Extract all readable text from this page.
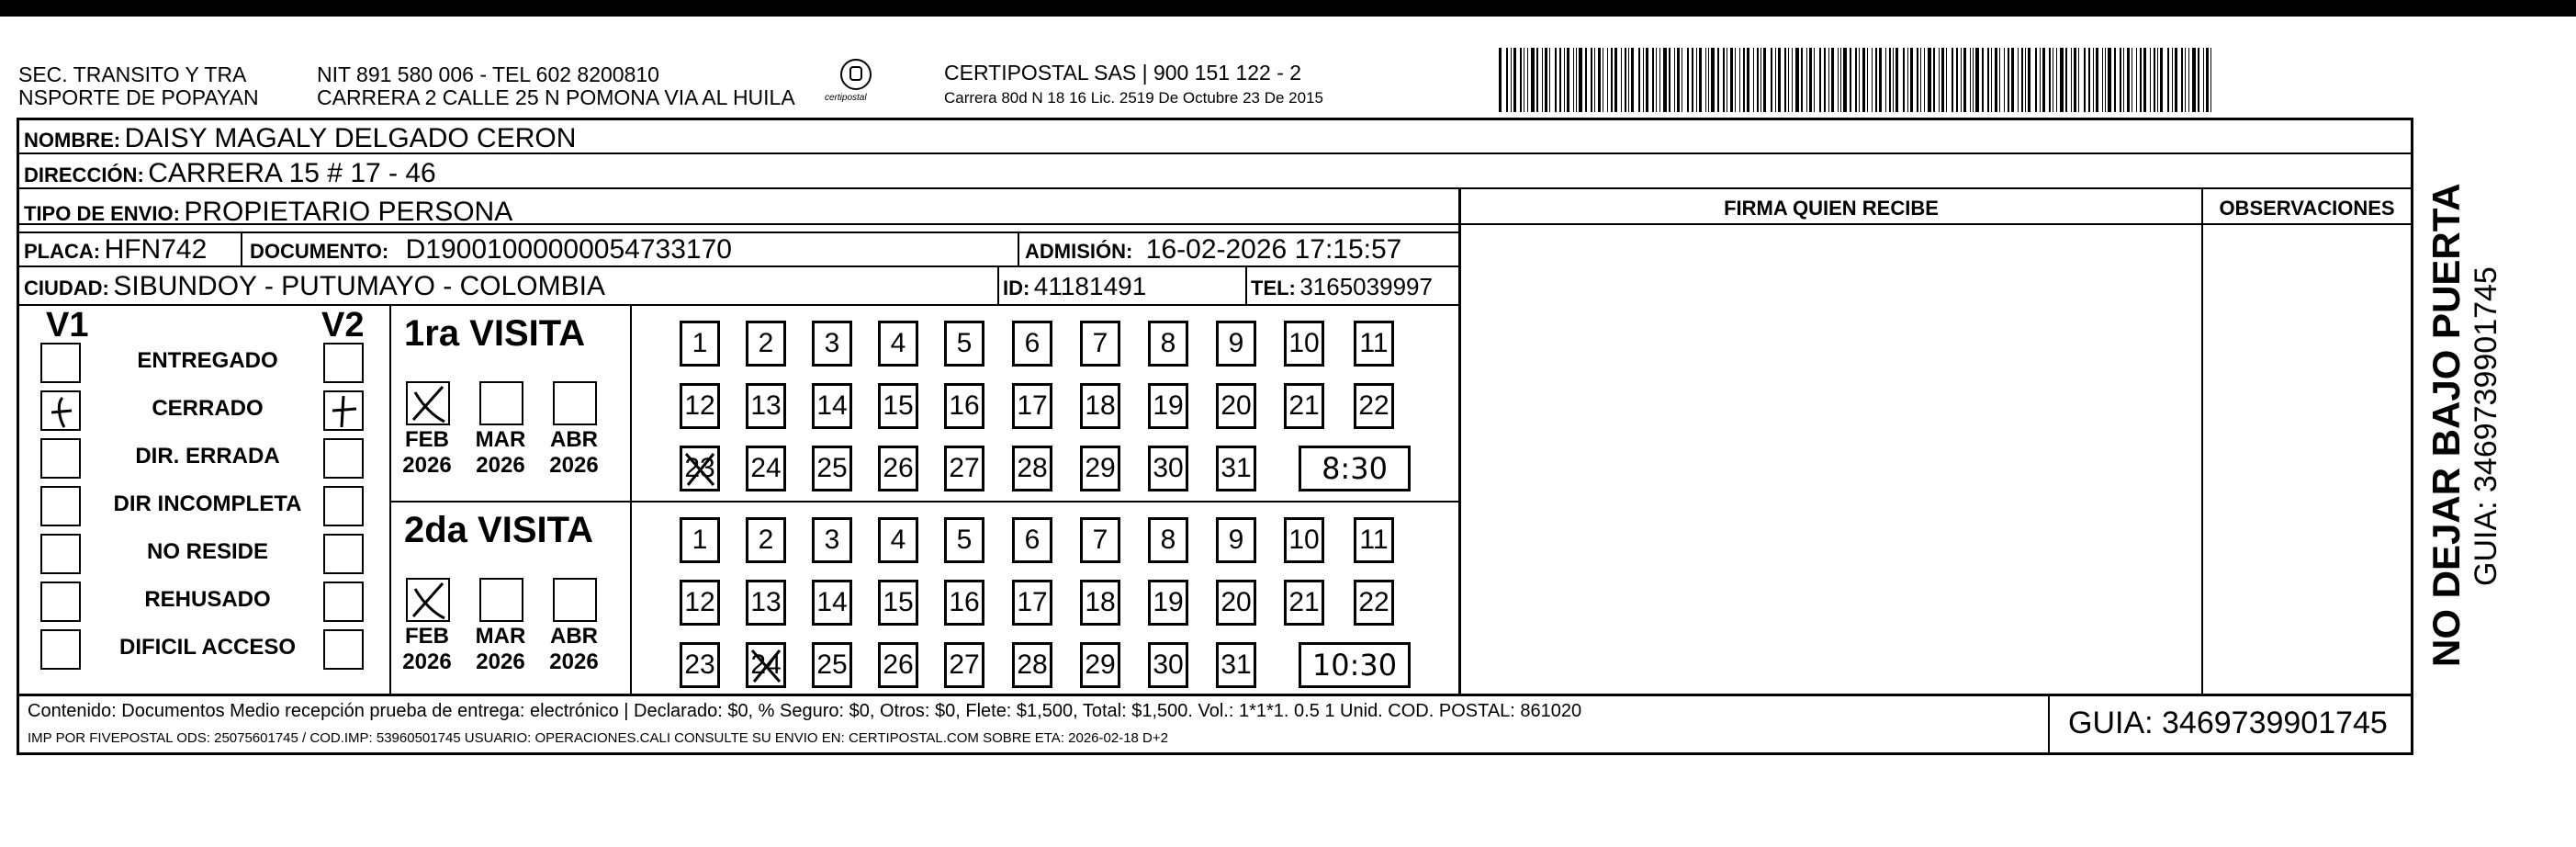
SEC. TRANSITO Y TRA
NSPORTE DE POPAYAN
NIT 891 580 006 - TEL 602 8200810
CARRERA 2 CALLE 25 N POMONA VIA AL HUILA	certipostal
CERTIPOSTAL SAS | 900 151 122 - 2
Carrera 80d N 18 16 Lic. 2519 De Octubre 23 De 2015
NOMBRE: DAISY MAGALY DELGADO CERON
DIRECCIÓN: CARRERA 15 # 17 - 46
TIPO DE ENVIO: PROPIETARIO PERSONA
PLACA: HFN742 DOCUMENTO: D19001000000054733170	ADMISIÓN: 16-02-2026 17:15:57
CIUDAD: SIBUNDOY - PUTUMAYO - COLOMBIA	ID: 41181491	TEL: 3165039997
FIRMA QUIEN RECIBE	OBSERVACIONES
V1	V2
ENTREGADO
CERRADO
DIR. ERRADA
DIR INCOMPLETA
NO RESIDE
REHUSADO
DIFICIL ACCESO
1ra VISITA
FEB
2026
MAR
2026
ABR
2026
1	2	3	4	5	6	7	8	9	10 11
12 13 14 15 16 17 18 19 20 21 22
23 24 25 26 27 28 29 30 31	8:30
2da VISITA
FEB
2026
MAR
2026
ABR
2026
1	2	3	4	5	6	7	8	9	10 11
12 13 14 15 16 17 18 19 20 21 22
23 24 25 26 27 28 29 30 31	10:30
Contenido: Documentos Medio recepción prueba de entrega: electrónico | Declarado: $0, % Seguro: $0, Otros: $0, Flete: $1,500, Total: $1,500. Vol.: 1*1*1. 0.5 1 Unid. COD. POSTAL: 861020
IMP POR FIVEPOSTAL ODS: 25075601745 / COD.IMP: 53960501745 USUARIO: OPERACIONES.CALI CONSULTE SU ENVIO EN: CERTIPOSTAL.COM SOBRE ETA: 2026-02-18 D+2	GUIA: 3469739901745
NO DEJAR BAJO PUERTA GUIA: 3469739901745
